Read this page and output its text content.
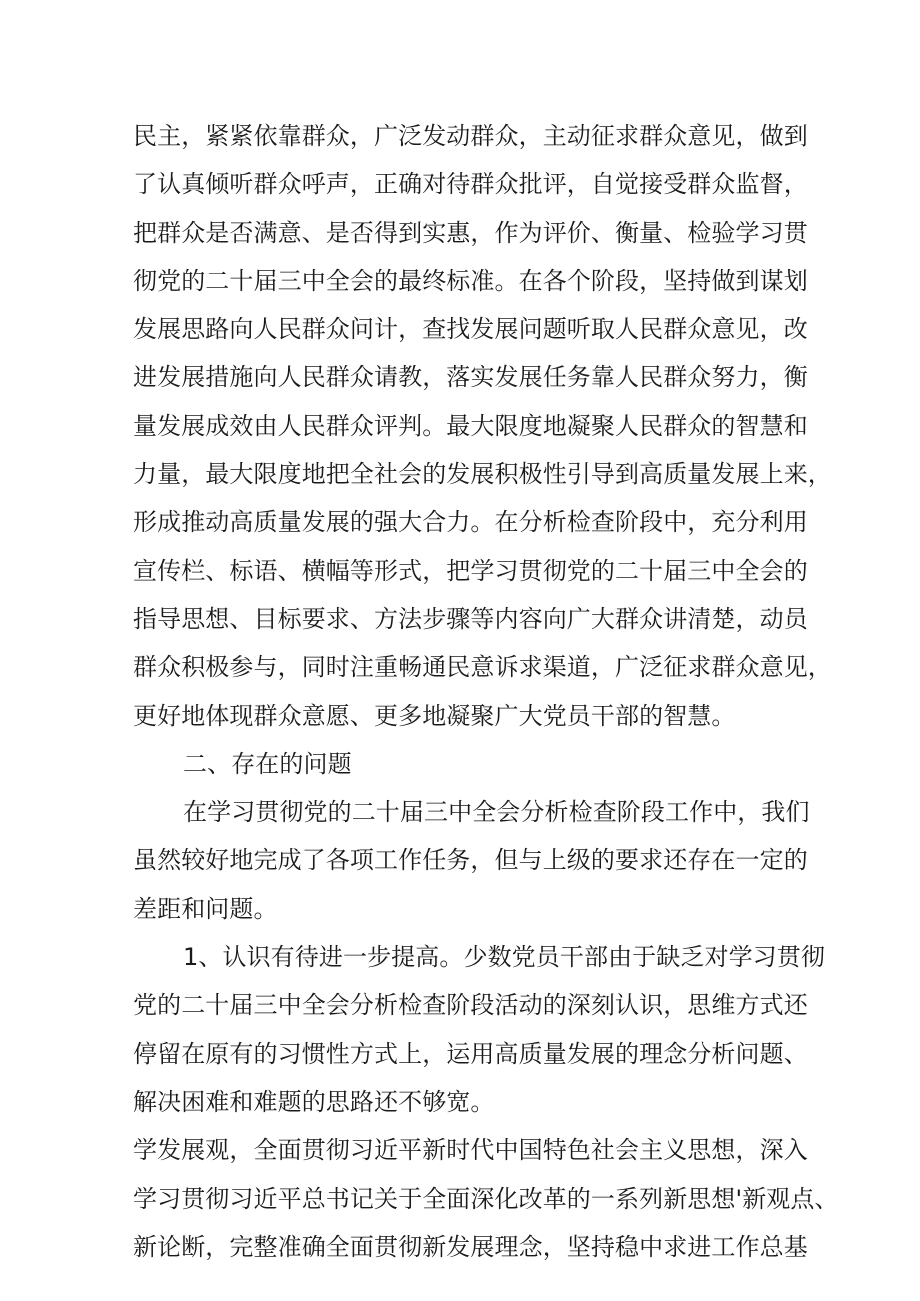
民主，紧紧依靠群众，广泛发动群众，主动征求群众意见，做到
了认真倾听群众呼声，正确对待群众批评，自觉接受群众监督，
把群众是否满意、是否得到实惠，作为评价、衡量、检验学习贯
彻党的二十届三中全会的最终标准。在各个阶段，坚持做到谋划
发展思路向人民群众问计，查找发展问题听取人民群众意见，改
进发展措施向人民群众请教，落实发展任务靠人民群众努力，衡
量发展成效由人民群众评判。最大限度地凝聚人民群众的智慧和
力量，最大限度地把全社会的发展积极性引导到高质量发展上来，
形成推动高质量发展的强大合力。在分析检查阶段中，充分利用
宣传栏、标语、横幅等形式，把学习贯彻党的二十届三中全会的
指导思想、目标要求、方法步骤等内容向广大群众讲清楚，动员
群众积极参与，同时注重畅通民意诉求渠道，广泛征求群众意见，
更好地体现群众意愿、更多地凝聚广大党员干部的智慧。
二、存在的问题
在学习贯彻党的二十届三中全会分析检查阶段工作中，我们
虽然较好地完成了各项工作任务，但与上级的要求还存在一定的
差距和问题。
1、认识有待进一步提高。少数党员干部由于缺乏对学习贯彻
党的二十届三中全会分析检查阶段活动的深刻认识，思维方式还
停留在原有的习惯性方式上，运用高质量发展的理念分析问题、
解决困难和难题的思路还不够宽。
学发展观，全面贯彻习近平新时代中国特色社会主义思想，深入
学习贯彻习近平总书记关于全面深化改革的一系列新思想'新观点、
新论断，完整准确全面贯彻新发展理念，坚持稳中求进工作总基
